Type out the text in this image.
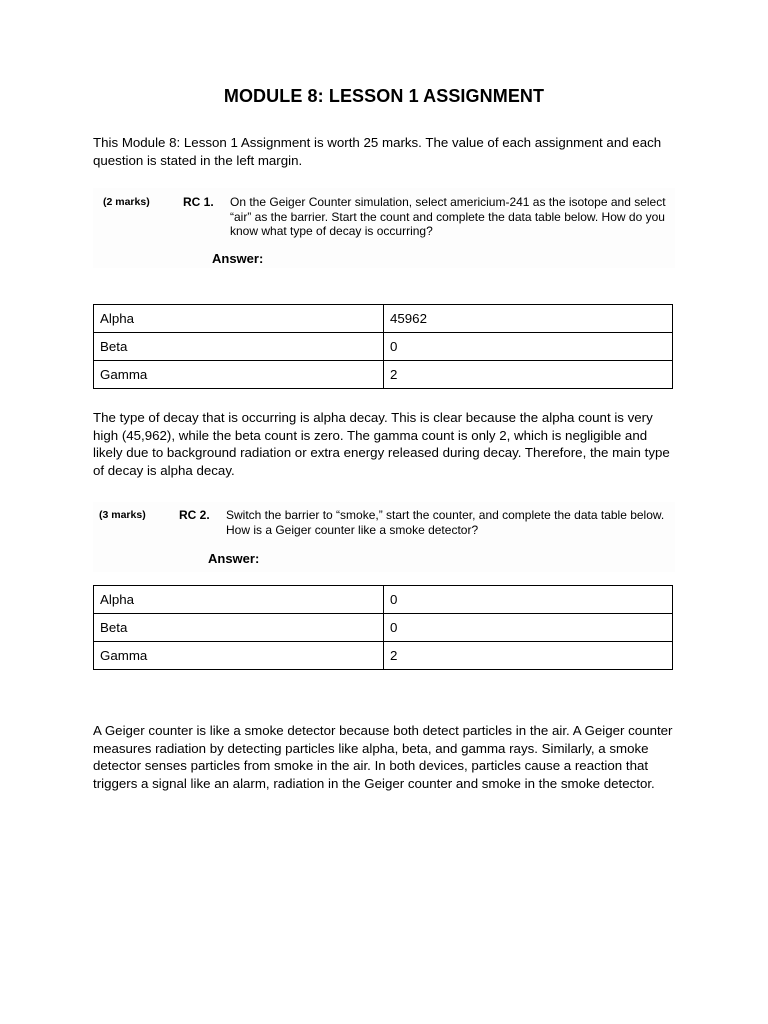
MODULE 8: LESSON 1 ASSIGNMENT
This Module 8: Lesson 1 Assignment is worth 25 marks. The value of each assignment and each question is stated in the left margin.
(2 marks)	RC 1. On the Geiger Counter simulation, select americium-241 as the isotope and select “air” as the barrier. Start the count and complete the data table below. How do you know what type of decay is occurring?
Answer:
Alpha	45962
Beta	0
Gamma	2
The type of decay that is occurring is alpha decay. This is clear because the alpha count is very high (45,962), while the beta count is zero. The gamma count is only 2, which is negligible and likely due to background radiation or extra energy released during decay. Therefore, the main type of decay is alpha decay.
(3 marks)	RC 2. Switch the barrier to “smoke,” start the counter, and complete the data table below. How is a Geiger counter like a smoke detector?
Answer:
Alpha	0
Beta	0
Gamma	2
A Geiger counter is like a smoke detector because both detect particles in the air. A Geiger counter measures radiation by detecting particles like alpha, beta, and gamma rays. Similarly, a smoke detector senses particles from smoke in the air. In both devices, particles cause a reaction that triggers a signal like an alarm, radiation in the Geiger counter and smoke in the smoke detector.
